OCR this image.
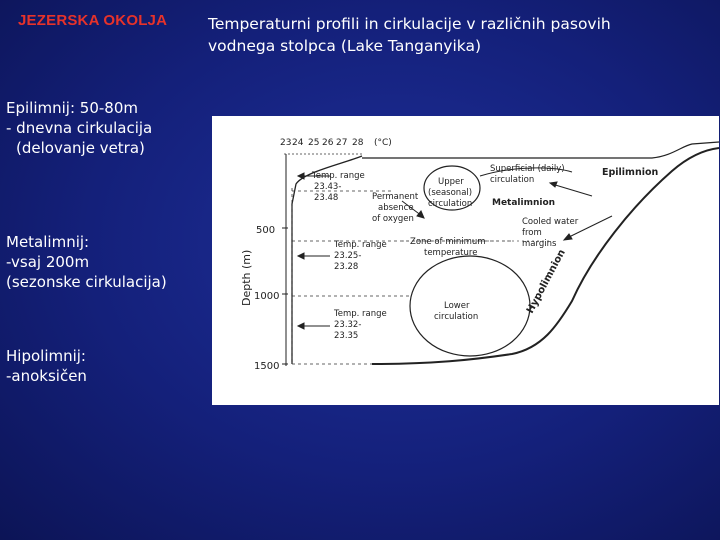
JEZERSKA OKOLJA	Temperaturni profili in cirkulacije v različnih pasovih
vodnega stolpca (Lake Tanganyika)
Epilimnij: 50-80m
- dnevna cirkulacija
(delovanje vetra)
Metalimnij:
-vsaj 200m
(sezonske cirkulacija)
Hipolimnij:
-anoksičen
23 24 25 26 27 28 (°C)
Depth (m)
500
1000
1500
Temp. range
23.43-
23.48	Permanent
absence
of oxygen
Upper
(seasonal)
circulation
Superficial (daily)
circulation
Epilimnion
Metalimnion
Cooled water
from
margins
Temp. range
23.25-
23.28
Zone of minimum
temperature
Temp. range
23.32-
23.35
Lower
circulation
Hypolimnion
